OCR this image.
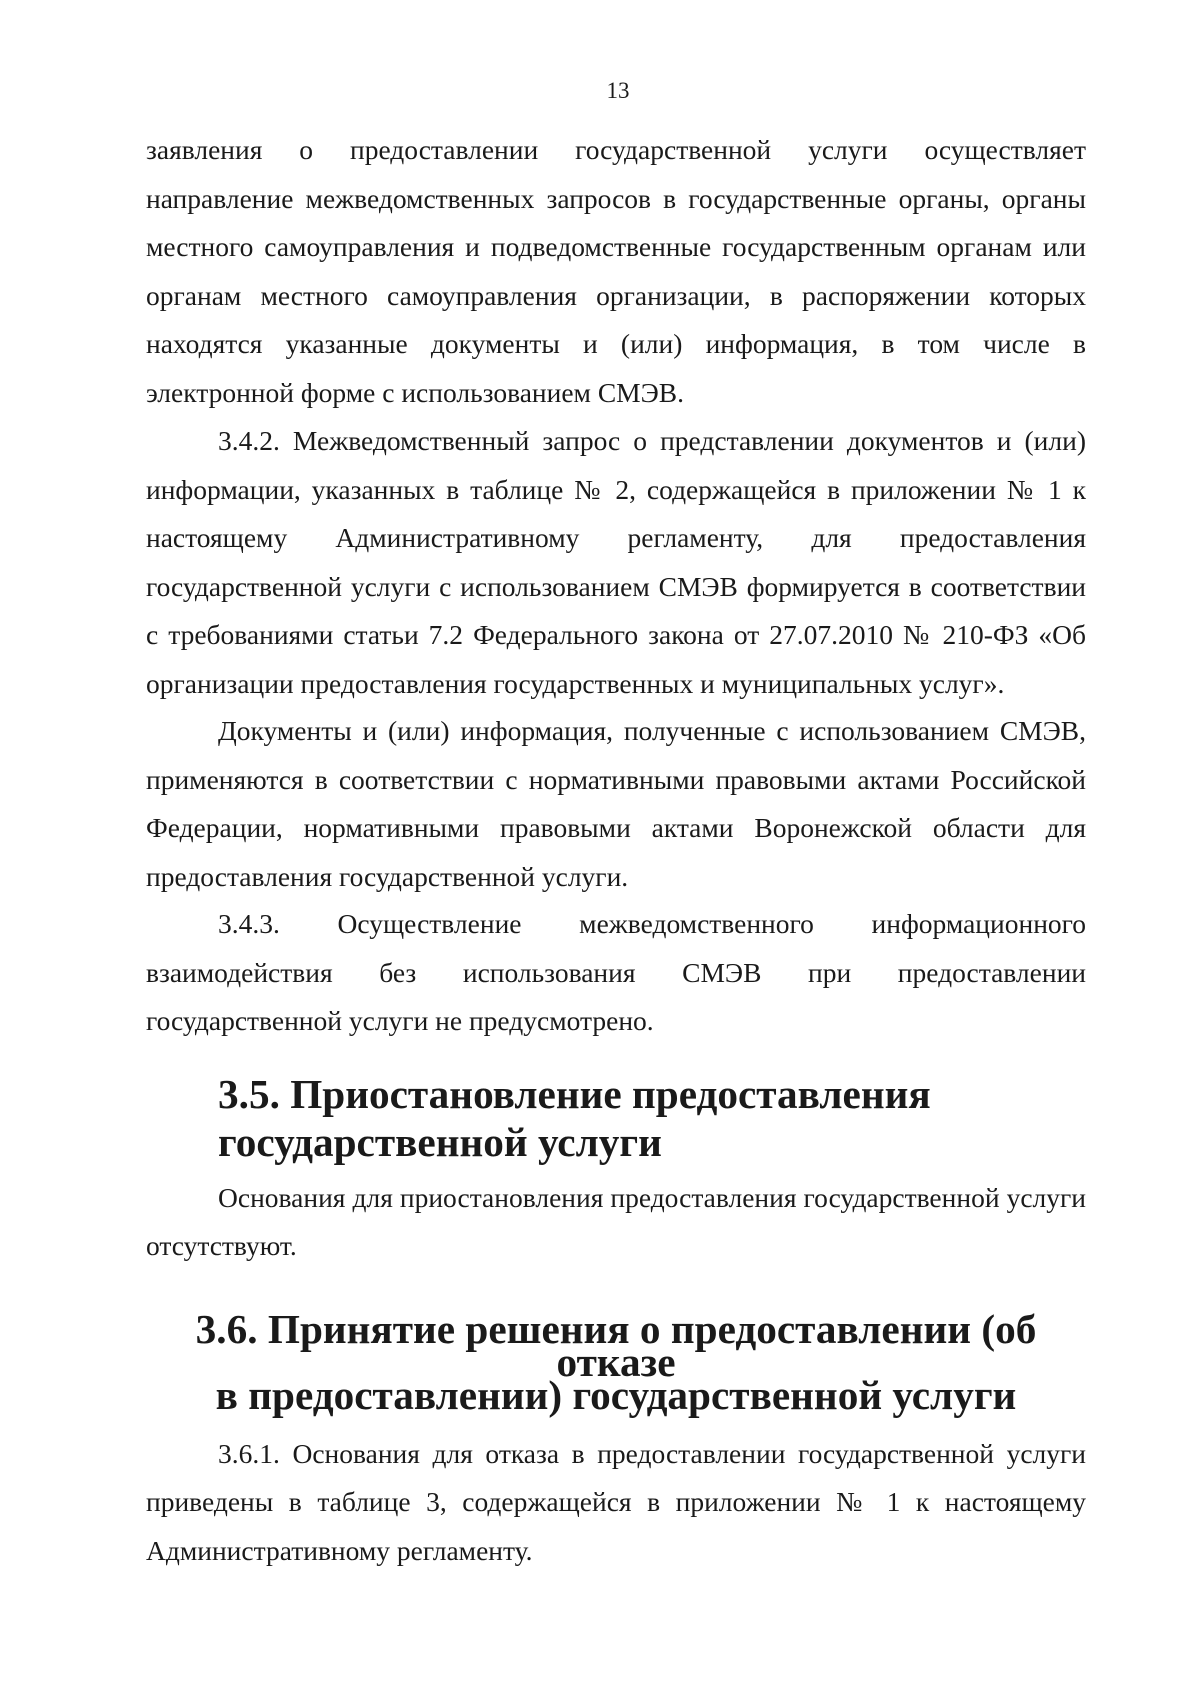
13

заявления о предоставлении государственной услуги осуществляет направление межведомственных запросов в государственные органы, органы местного самоуправления и подведомственные государственным органам или органам местного самоуправления организации, в распоряжении которых находятся указанные документы и (или) информация, в том числе в электронной форме с использованием СМЭВ.

3.4.2. Межведомственный запрос о представлении документов и (или) информации, указанных в таблице № 2, содержащейся в приложении № 1 к настоящему Административному регламенту, для предоставления государственной услуги с использованием СМЭВ формируется в соответствии с требованиями статьи 7.2 Федерального закона от 27.07.2010 № 210-ФЗ «Об организации предоставления государственных и муниципальных услуг».

Документы и (или) информация, полученные с использованием СМЭВ, применяются в соответствии с нормативными правовыми актами Российской Федерации, нормативными правовыми актами Воронежской области для предоставления государственной услуги.

3.4.3. Осуществление межведомственного информационного взаимодействия без использования СМЭВ при предоставлении государственной услуги не предусмотрено.

3.5. Приостановление предоставления государственной услуги

Основания для приостановления предоставления государственной услуги отсутствуют.

3.6. Принятие решения о предоставлении (об отказе
в предоставлении) государственной услуги

3.6.1. Основания для отказа в предоставлении государственной услуги приведены в таблице 3, содержащейся в приложении № 1 к настоящему Административному регламенту.
